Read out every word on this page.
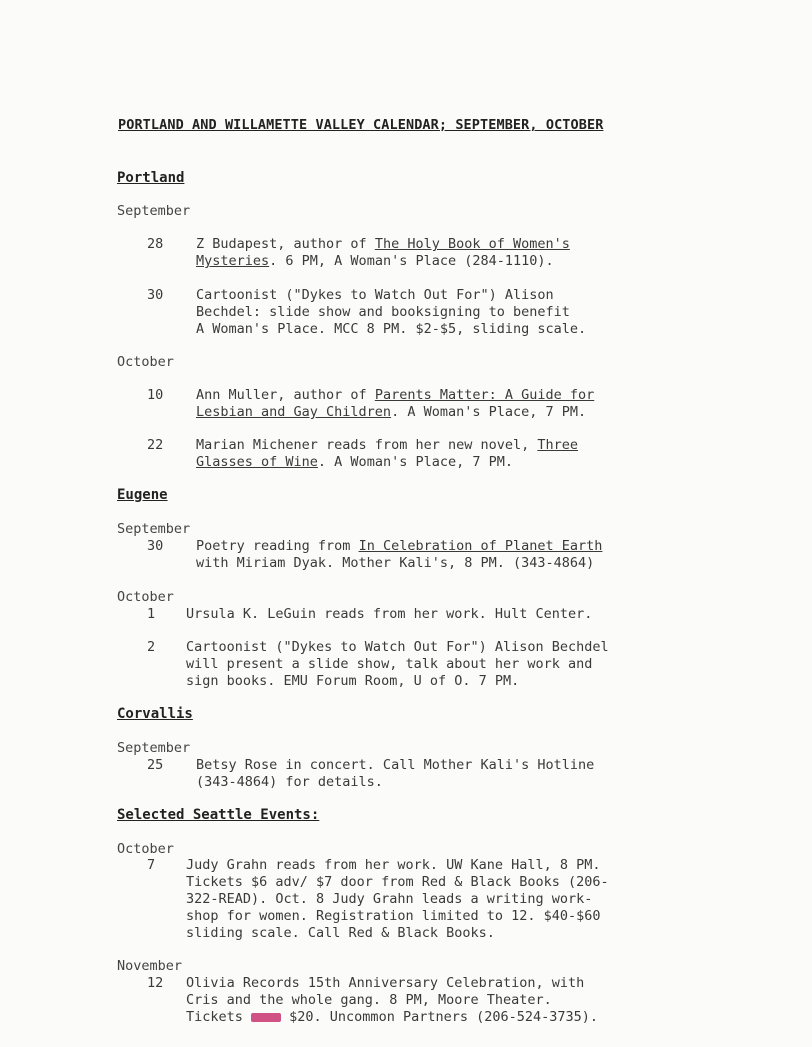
PORTLAND AND WILLAMETTE VALLEY CALENDAR; SEPTEMBER, OCTOBER
Portland
September
28 Z Budapest, author of The Holy Book of Women's
Mysteries. 6 PM, A Woman's Place (284-1110).
30 Cartoonist ("Dykes to Watch Out For") Alison
Bechdel: slide show and booksigning to benefit
A Woman's Place. MCC 8 PM. $2-$5, sliding scale.
October
10 Ann Muller, author of Parents Matter: A Guide for
Lesbian and Gay Children. A Woman's Place, 7 PM.
22 Marian Michener reads from her new novel, Three
Glasses of Wine. A Woman's Place, 7 PM.
Eugene
September
30 Poetry reading from In Celebration of Planet Earth
with Miriam Dyak. Mother Kali's, 8 PM. (343-4864)
October
1 Ursula K. LeGuin reads from her work. Hult Center.
2 Cartoonist ("Dykes to Watch Out For") Alison Bechdel
will present a slide show, talk about her work and
sign books. EMU Forum Room, U of O. 7 PM.
Corvallis
September
25 Betsy Rose in concert. Call Mother Kali's Hotline
(343-4864) for details.
Selected Seattle Events:
October
7 Judy Grahn reads from her work. UW Kane Hall, 8 PM.
Tickets $6 adv/ $7 door from Red & Black Books (206-
322-READ). Oct. 8 Judy Grahn leads a writing work-
shop for women. Registration limited to 12. $40-$60
sliding scale. Call Red & Black Books.
November
12 Olivia Records 15th Anniversary Celebration, with
Cris and the whole gang. 8 PM, Moore Theater.
Tickets  $20. Uncommon Partners (206-524-3735).
